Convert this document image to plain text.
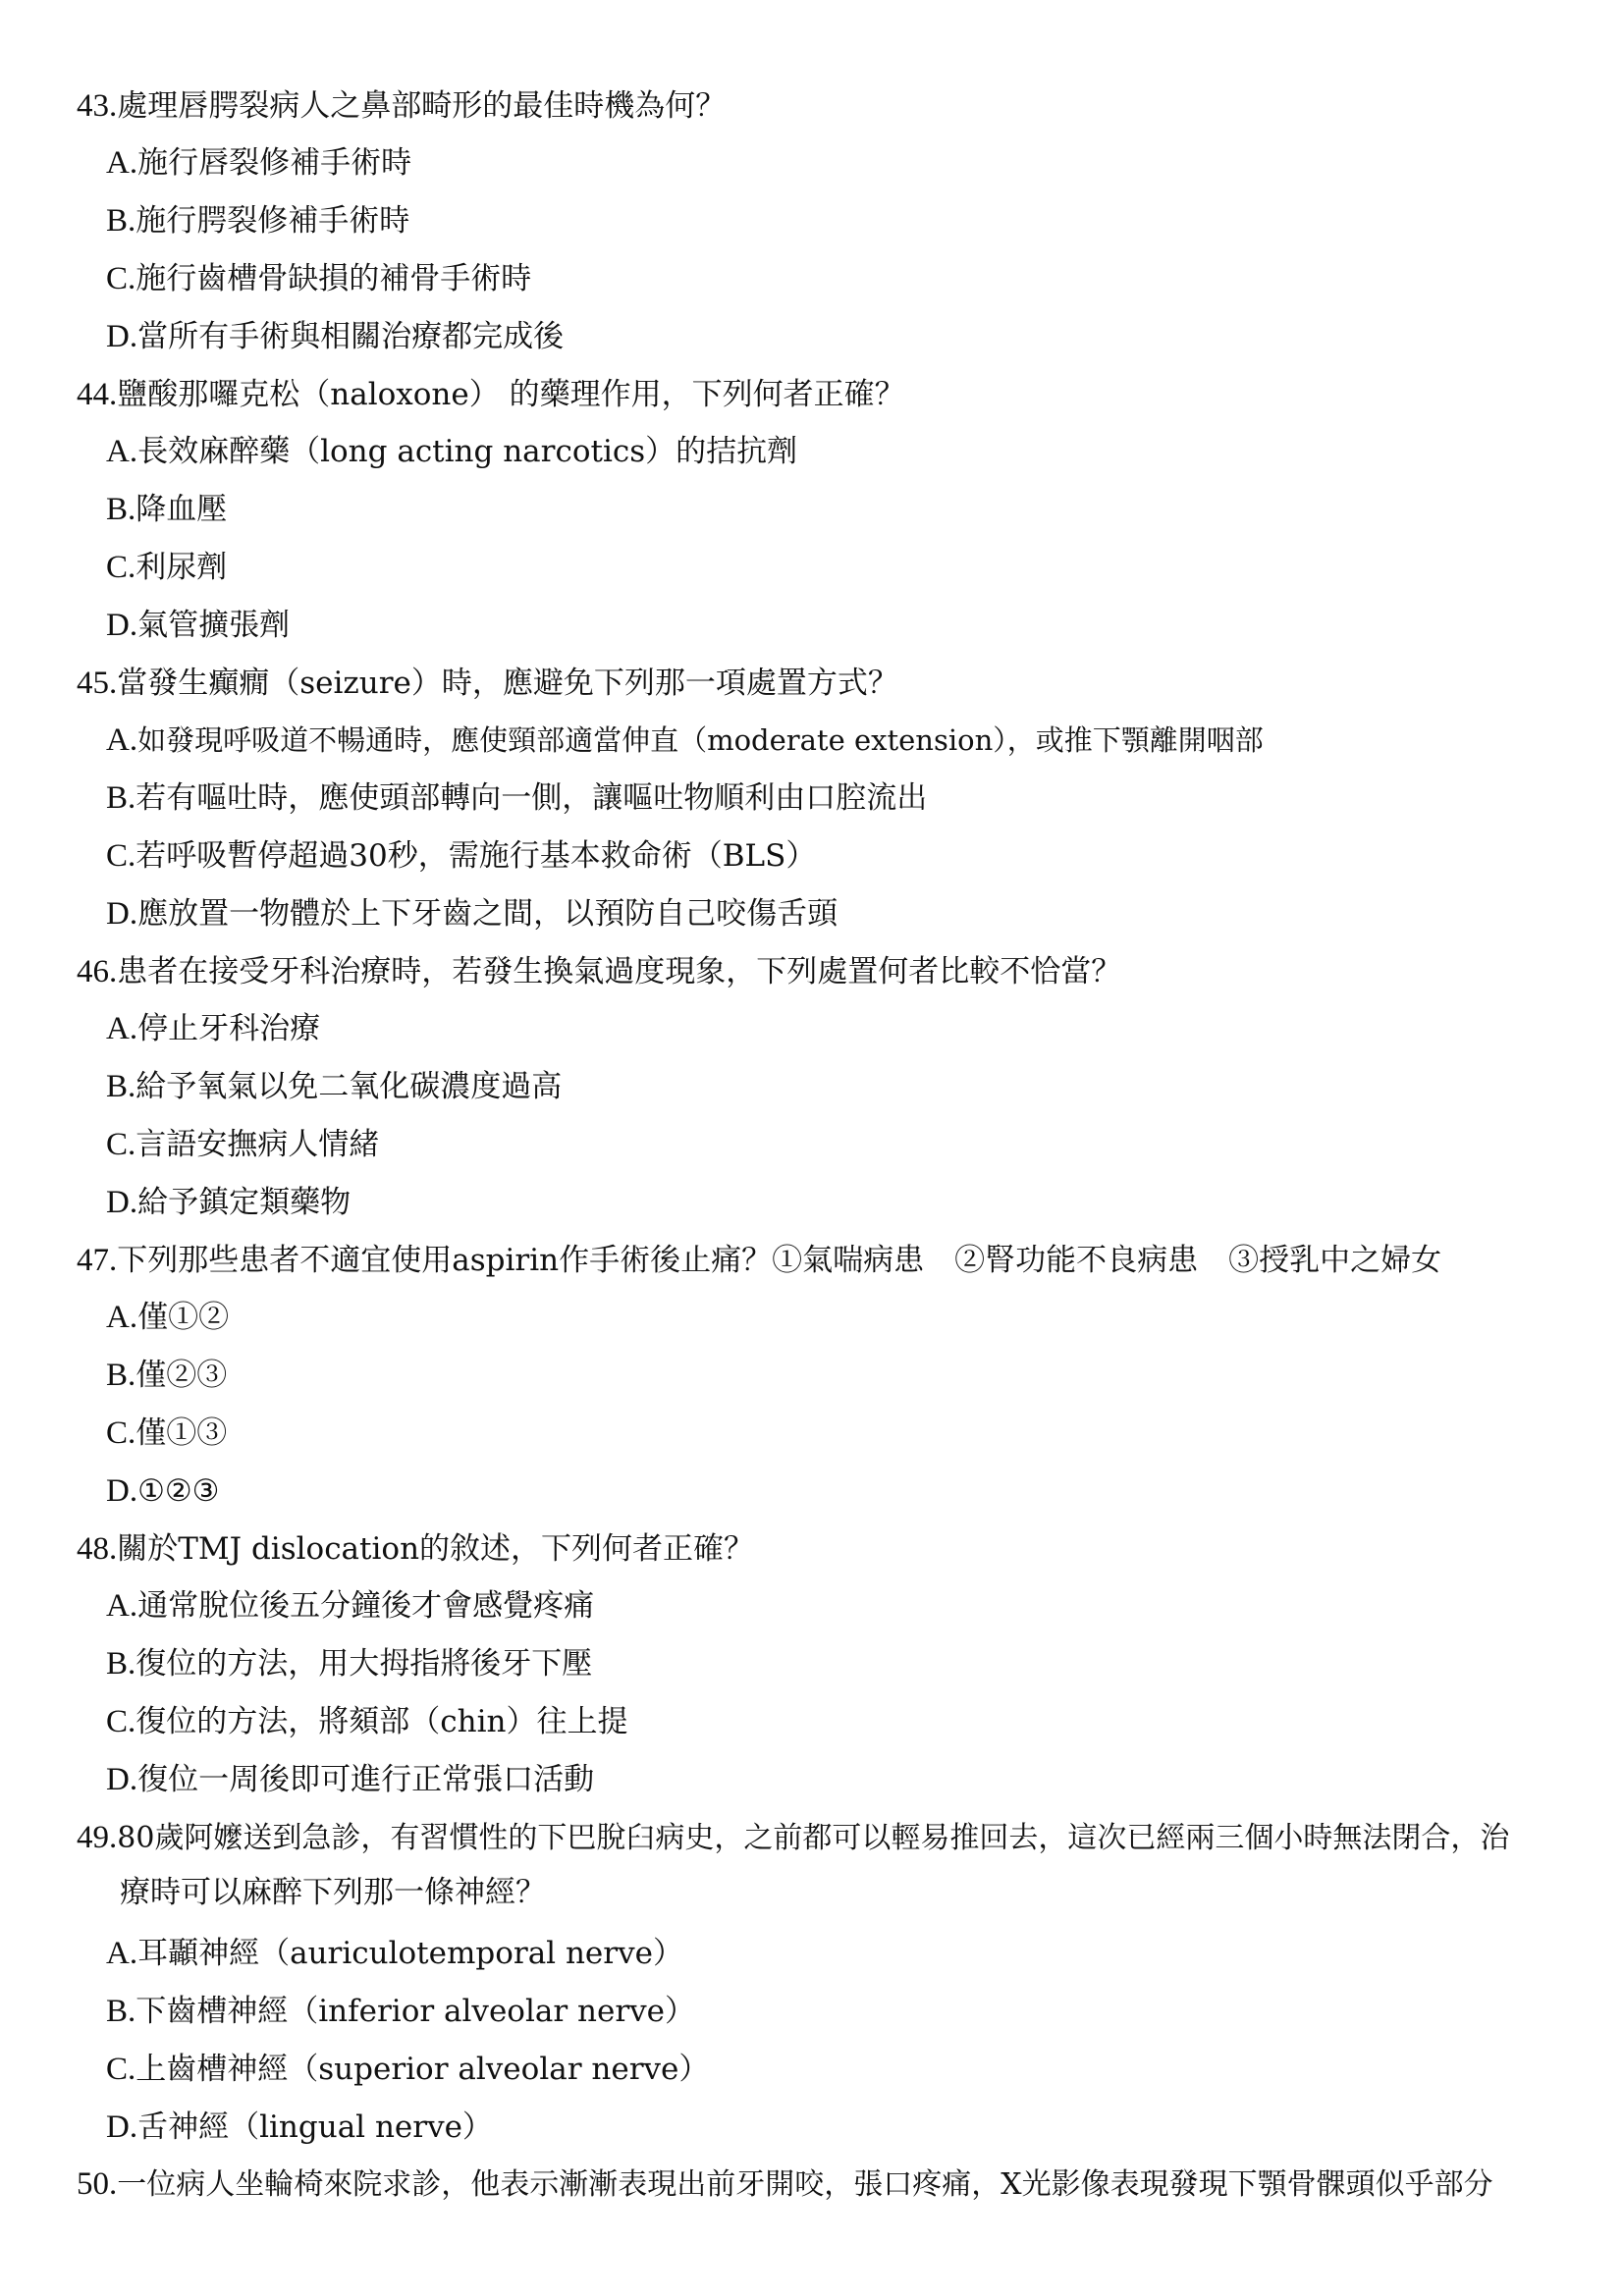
43.處理唇腭裂病人之鼻部畸形的最佳時機為何？
A.施行唇裂修補手術時
B.施行腭裂修補手術時
C.施行齒槽骨缺損的補骨手術時
D.當所有手術與相關治療都完成後
44.鹽酸那囉克松（naloxone） 的藥理作用，下列何者正確？
A.長效麻醉藥（long acting narcotics）的拮抗劑
B.降血壓
C.利尿劑
D.氣管擴張劑
45.當發生癲癇（seizure）時，應避免下列那一項處置方式？
A.如發現呼吸道不暢通時，應使頸部適當伸直（moderate extension），或推下顎離開咽部
B.若有嘔吐時，應使頭部轉向一側，讓嘔吐物順利由口腔流出
C.若呼吸暫停超過30秒，需施行基本救命術（BLS）
D.應放置一物體於上下牙齒之間，以預防自己咬傷舌頭
46.患者在接受牙科治療時，若發生換氣過度現象，下列處置何者比較不恰當？
A.停止牙科治療
B.給予氧氣以免二氧化碳濃度過高
C.言語安撫病人情緒
D.給予鎮定類藥物
47.下列那些患者不適宜使用aspirin作手術後止痛？①氣喘病患　②腎功能不良病患　③授乳中之婦女
A.僅①②
B.僅②③
C.僅①③
D.①②③
48.關於TMJ dislocation的敘述，下列何者正確？
A.通常脫位後五分鐘後才會感覺疼痛
B.復位的方法，用大拇指將後牙下壓
C.復位的方法，將頦部（chin）往上提
D.復位一周後即可進行正常張口活動
49.80歲阿嬤送到急診，有習慣性的下巴脫臼病史，之前都可以輕易推回去，這次已經兩三個小時無法閉合，治
療時可以麻醉下列那一條神經？
A.耳顳神經（auriculotemporal nerve）
B.下齒槽神經（inferior alveolar nerve）
C.上齒槽神經（superior alveolar nerve）
D.舌神經（lingual nerve）
50.一位病人坐輪椅來院求診，他表示漸漸表現出前牙開咬，張口疼痛，X光影像表現發現下顎骨髁頭似乎部分
